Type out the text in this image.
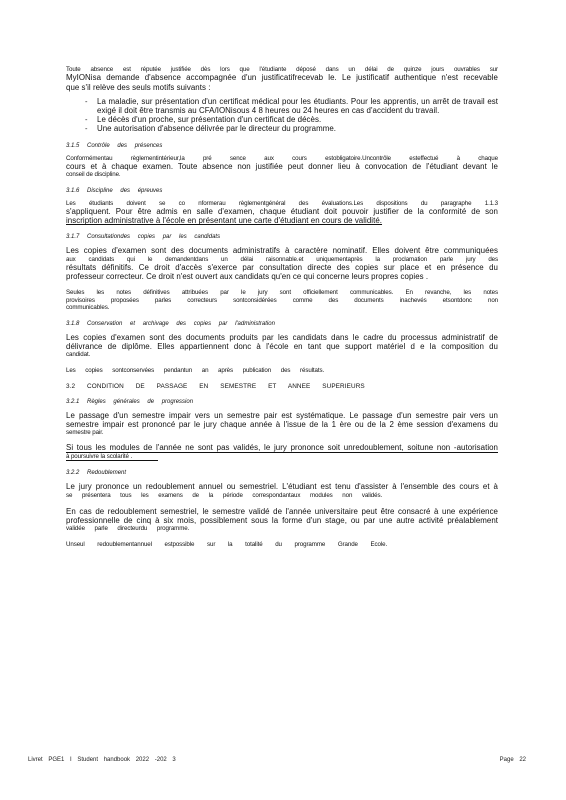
Toute absence est réputée justifiée dès lors que l'étudiante déposé dans un délai de quinze jours ouvrables sur

MyIONisa demande d'absence accompagnée d'un justificatifrecevab le. Le justificatif authentique n'est recevable

que s'il relève des seuls motifs suivants :

- La maladie, sur présentation d'un certificat médical pour les étudiants. Pour les apprentis, un arrêt de travail est exigé il doit être transmis au CFA/IONisous 4 8 heures ou 24 heures en cas d'accident du travail.

- Le décès d'un proche, sur présentation d'un certificat de décès.

- Une autorisation d'absence délivrée par le directeur du programme.

3.1.5 Contrôle des présences

Conformémentau règlementintérieur,la pré sence aux cours estobligatoire.Uncontrôle esteffectué à chaque

cours et à chaque examen. Toute absence non justifiée peut donner lieu à convocation de l'étudiant devant le

conseil de discipline.

3.1.6 Discipline des épreuves

Les étudiants doivent se co nformerau règlementgénéral des évaluations.Les dispositions du paragraphe 1.1.3

s'appliquent. Pour être admis en salle d'examen, chaque étudiant doit pouvoir justifier de la conformité de son

inscription administrative à l'école en présentant une carte d'étudiant en cours de validité.

3.1.7 Consultationdes copies par les candidats

Les copies d'examen sont des documents administratifs à caractère nominatif. Elles doivent être communiquées

aux candidats qui le demandentdans un délai raisonnable.et uniquementaprès la proclamation parle jury des

résultats définitifs. Ce droit d'accès s'exerce par consultation directe des copies sur place et en présence du

professeur correcteur. Ce droit n'est ouvert aux candidats qu'en ce qui concerne leurs propres copies .

Seules les notes définitives attribuées par le jury sont officiellement communicables. En revanche, les notes

provisoires proposées parles correcteurs sontconsidérées comme des documents inachevés etsontdonc non

communicables.

3.1.8 Conservation et archivage des copies par l'administration

Les copies d'examen sont des documents produits par les candidats dans le cadre du processus administratif de

délivrance de diplôme. Elles appartiennent donc à l'école en tant que support matériel d e la composition du

candidat.

Les copies sontconservées pendantun an après publication des résultats.

3.2 CONDITION DE PASSAGE EN SEMESTRE ET ANNEE SUPERIEURS

3.2.1 Règles générales de progression

Le passage d'un semestre impair vers un semestre pair est systématique. Le passage d'un semestre pair vers un

semestre impair est prononcé par le jury chaque année à l'issue de la 1 ère ou de la 2 ème session d'examens du

semestre pair.

Si tous les modules de l'année ne sont pas validés, le jury prononce soit unredoublement, soitune non -autorisation

à poursuivre la scolarité .

3.2.2 Redoublement

Le jury prononce un redoublement annuel ou semestriel. L'étudiant est tenu d'assister à l'ensemble des cours et à

se présentera tous les examens de la période correspondantaux modules non validés.

En cas de redoublement semestriel, le semestre validé de l'année universitaire peut être consacré à une expérience

professionnelle de cinq à six mois, possiblement sous la forme d'un stage, ou par une autre activité préalablement

validée parle directeurdu programme.

Unseul redoublementannuel estpossible sur la totalité du programme Grande Ecole.

Livret PGE1 I Student handbook 2022 -202 3	Page 22
